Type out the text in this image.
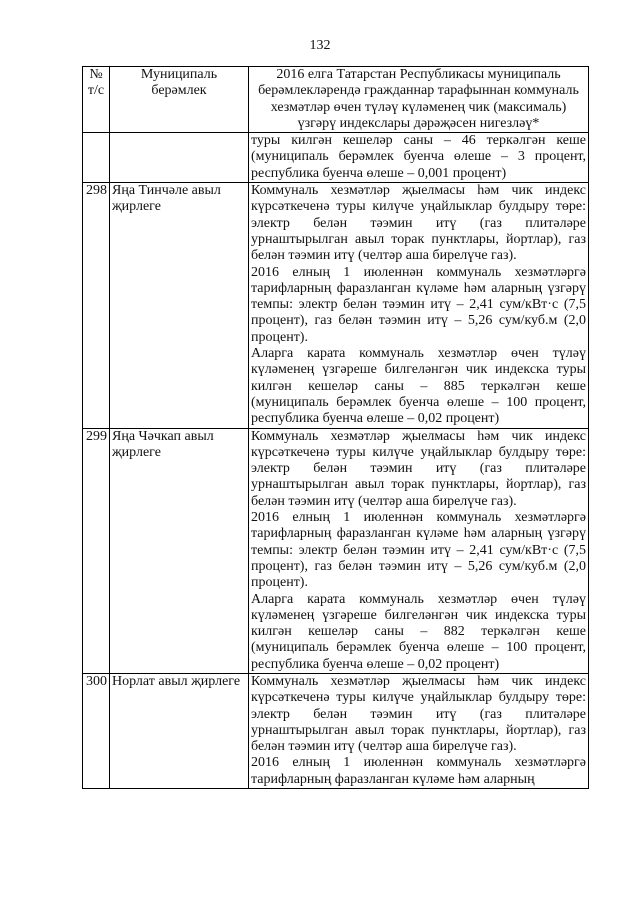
132
№
т/с	Муниципаль берәмлек	2016 елга Татарстан Республикасы муниципаль берәмлекләрендә гражданнар тарафыннан коммуналь хезмәтләр өчен түләү күләменең чик (максималь) үзгәрү индекслары дәрәҗәсен нигезләү*

		туры килгән кешеләр саны – 46 теркәлгән кеше (муниципаль берәмлек буенча өлеше – 3 процент, республика буенча өлеше – 0,001 процент)

298	Яңа Тинчәле авыл җирлеге	Коммуналь хезмәтләр җыелмасы һәм чик индекс күрсәткеченә туры килүче уңайлыклар булдыру төре: электр белән тәэмин итү (газ плитәләре урнаштырылган авыл торак пунктлары, йортлар), газ белән тәэмин итү (челтәр аша бирелүче газ).

2016 елның 1 июленнән коммуналь хезмәтләргә тарифларның фаразланган күләме һәм аларның үзгәрү темпы: электр белән тәэмин итү – 2,41 сум/кВт·с (7,5 процент), газ белән тәэмин итү – 5,26 сум/куб.м (2,0 процент).

Аларга карата коммуналь хезмәтләр өчен түләү күләменең үзгәреше билгеләнгән чик индекска туры килгән кешеләр саны – 885 теркәлгән кеше (муниципаль берәмлек буенча өлеше – 100 процент, республика буенча өлеше – 0,02 процент)

299	Яңа Чәчкап авыл җирлеге	Коммуналь хезмәтләр җыелмасы һәм чик индекс күрсәткеченә туры килүче уңайлыклар булдыру төре: электр белән тәэмин итү (газ плитәләре урнаштырылган авыл торак пунктлары, йортлар), газ белән тәэмин итү (челтәр аша бирелүче газ).

2016 елның 1 июленнән коммуналь хезмәтләргә тарифларның фаразланган күләме һәм аларның үзгәрү темпы: электр белән тәэмин итү – 2,41 сум/кВт·с (7,5 процент), газ белән тәэмин итү – 5,26 сум/куб.м (2,0 процент).

Аларга карата коммуналь хезмәтләр өчен түләү күләменең үзгәреше билгеләнгән чик индекска туры килгән кешеләр саны – 882 теркәлгән кеше (муниципаль берәмлек буенча өлеше – 100 процент, республика буенча өлеше – 0,02 процент)

300	Норлат авыл җирлеге	Коммуналь хезмәтләр җыелмасы һәм чик индекс күрсәткеченә туры килүче уңайлыклар булдыру төре: электр белән тәэмин итү (газ плитәләре урнаштырылган авыл торак пунктлары, йортлар), газ белән тәэмин итү (челтәр аша бирелүче газ).

2016 елның 1 июленнән коммуналь хезмәтләргә тарифларның фаразланган күләме һәм аларның
